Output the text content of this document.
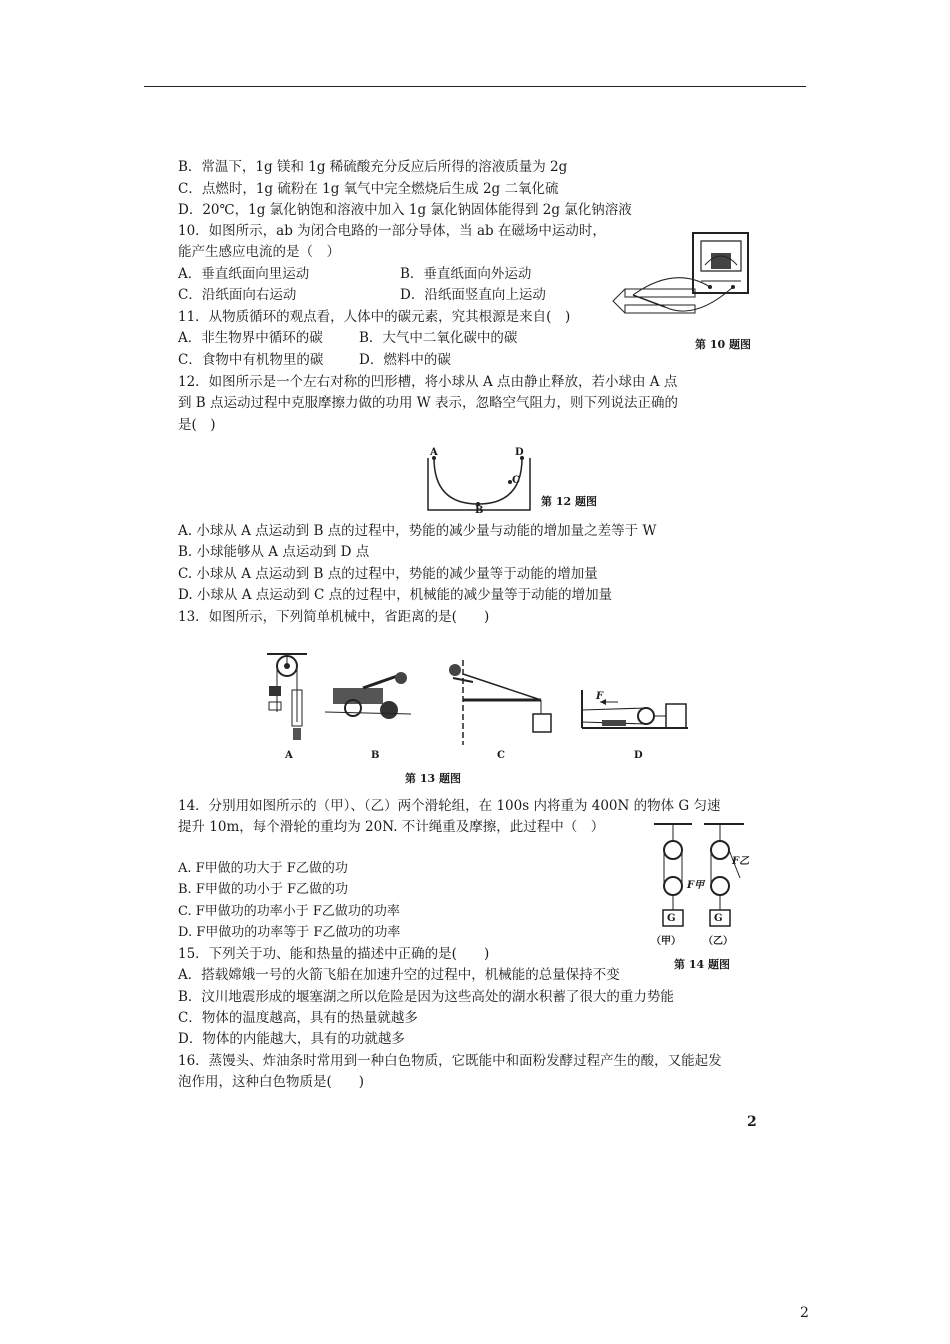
B．常温下，1g 镁和 1g 稀硫酸充分反应后所得的溶液质量为 2g
C．点燃时，1g 硫粉在 1g 氧气中完全燃烧后生成 2g 二氧化硫
D．20℃，1g 氯化钠饱和溶液中加入 1g 氯化钠固体能得到 2g 氯化钠溶液
10．如图所示，ab 为闭合电路的一部分导体，当 ab 在磁场中运动时，
能产生感应电流的是（　）
A．垂直纸面向里运动	B．垂直纸面向外运动
C．沿纸面向右运动	D．沿纸面竖直向上运动
第 10 题图
11．从物质循环的观点看，人体中的碳元素，究其根源是来自(　)
A．非生物界中循环的碳	B．大气中二氧化碳中的碳
C．食物中有机物里的碳	D．燃料中的碳
12．如图所示是一个左右对称的凹形槽，将小球从 A 点由静止释放，若小球由 A 点
到 B 点运动过程中克服摩擦力做的功用 W 表示，忽略空气阻力，则下列说法正确的
是(　)
A
B
C
D
第 12 题图
A. 小球从 A 点运动到 B 点的过程中，势能的减少量与动能的增加量之差等于 W
B. 小球能够从 A 点运动到 D 点
C. 小球从 A 点运动到 B 点的过程中，势能的减少量等于动能的增加量
D. 小球从 A 点运动到 C 点的过程中，机械能的减少量等于动能的增加量
13．如图所示，下列简单机械中，省距离的是(　　)
F
A	B	C	D
第 13 题图
14．分别用如图所示的（甲）、（乙）两个滑轮组，在 100s 内将重为 400N 的物体 G 匀速
提升 10m，每个滑轮的重均为 20N. 不计绳重及摩擦，此过程中（　）
F甲
F乙
G	G
（甲） （乙）
第 14 题图
A. F甲做的功大于 F乙做的功
B. F甲做的功小于 F乙做的功
C. F甲做功的功率小于 F乙做功的功率
D. F甲做功的功率等于 F乙做功的功率
15．下列关于功、能和热量的描述中正确的是(　　)
A．搭载嫦娥一号的火箭飞船在加速升空的过程中，机械能的总量保持不变
B．汶川地震形成的堰塞湖之所以危险是因为这些高处的湖水积蓄了很大的重力势能
C．物体的温度越高，具有的热量就越多
D．物体的内能越大，具有的功就越多
16．蒸馒头、炸油条时常用到一种白色物质，它既能中和面粉发酵过程产生的酸，又能起发
泡作用，这种白色物质是(　　)
2
2
